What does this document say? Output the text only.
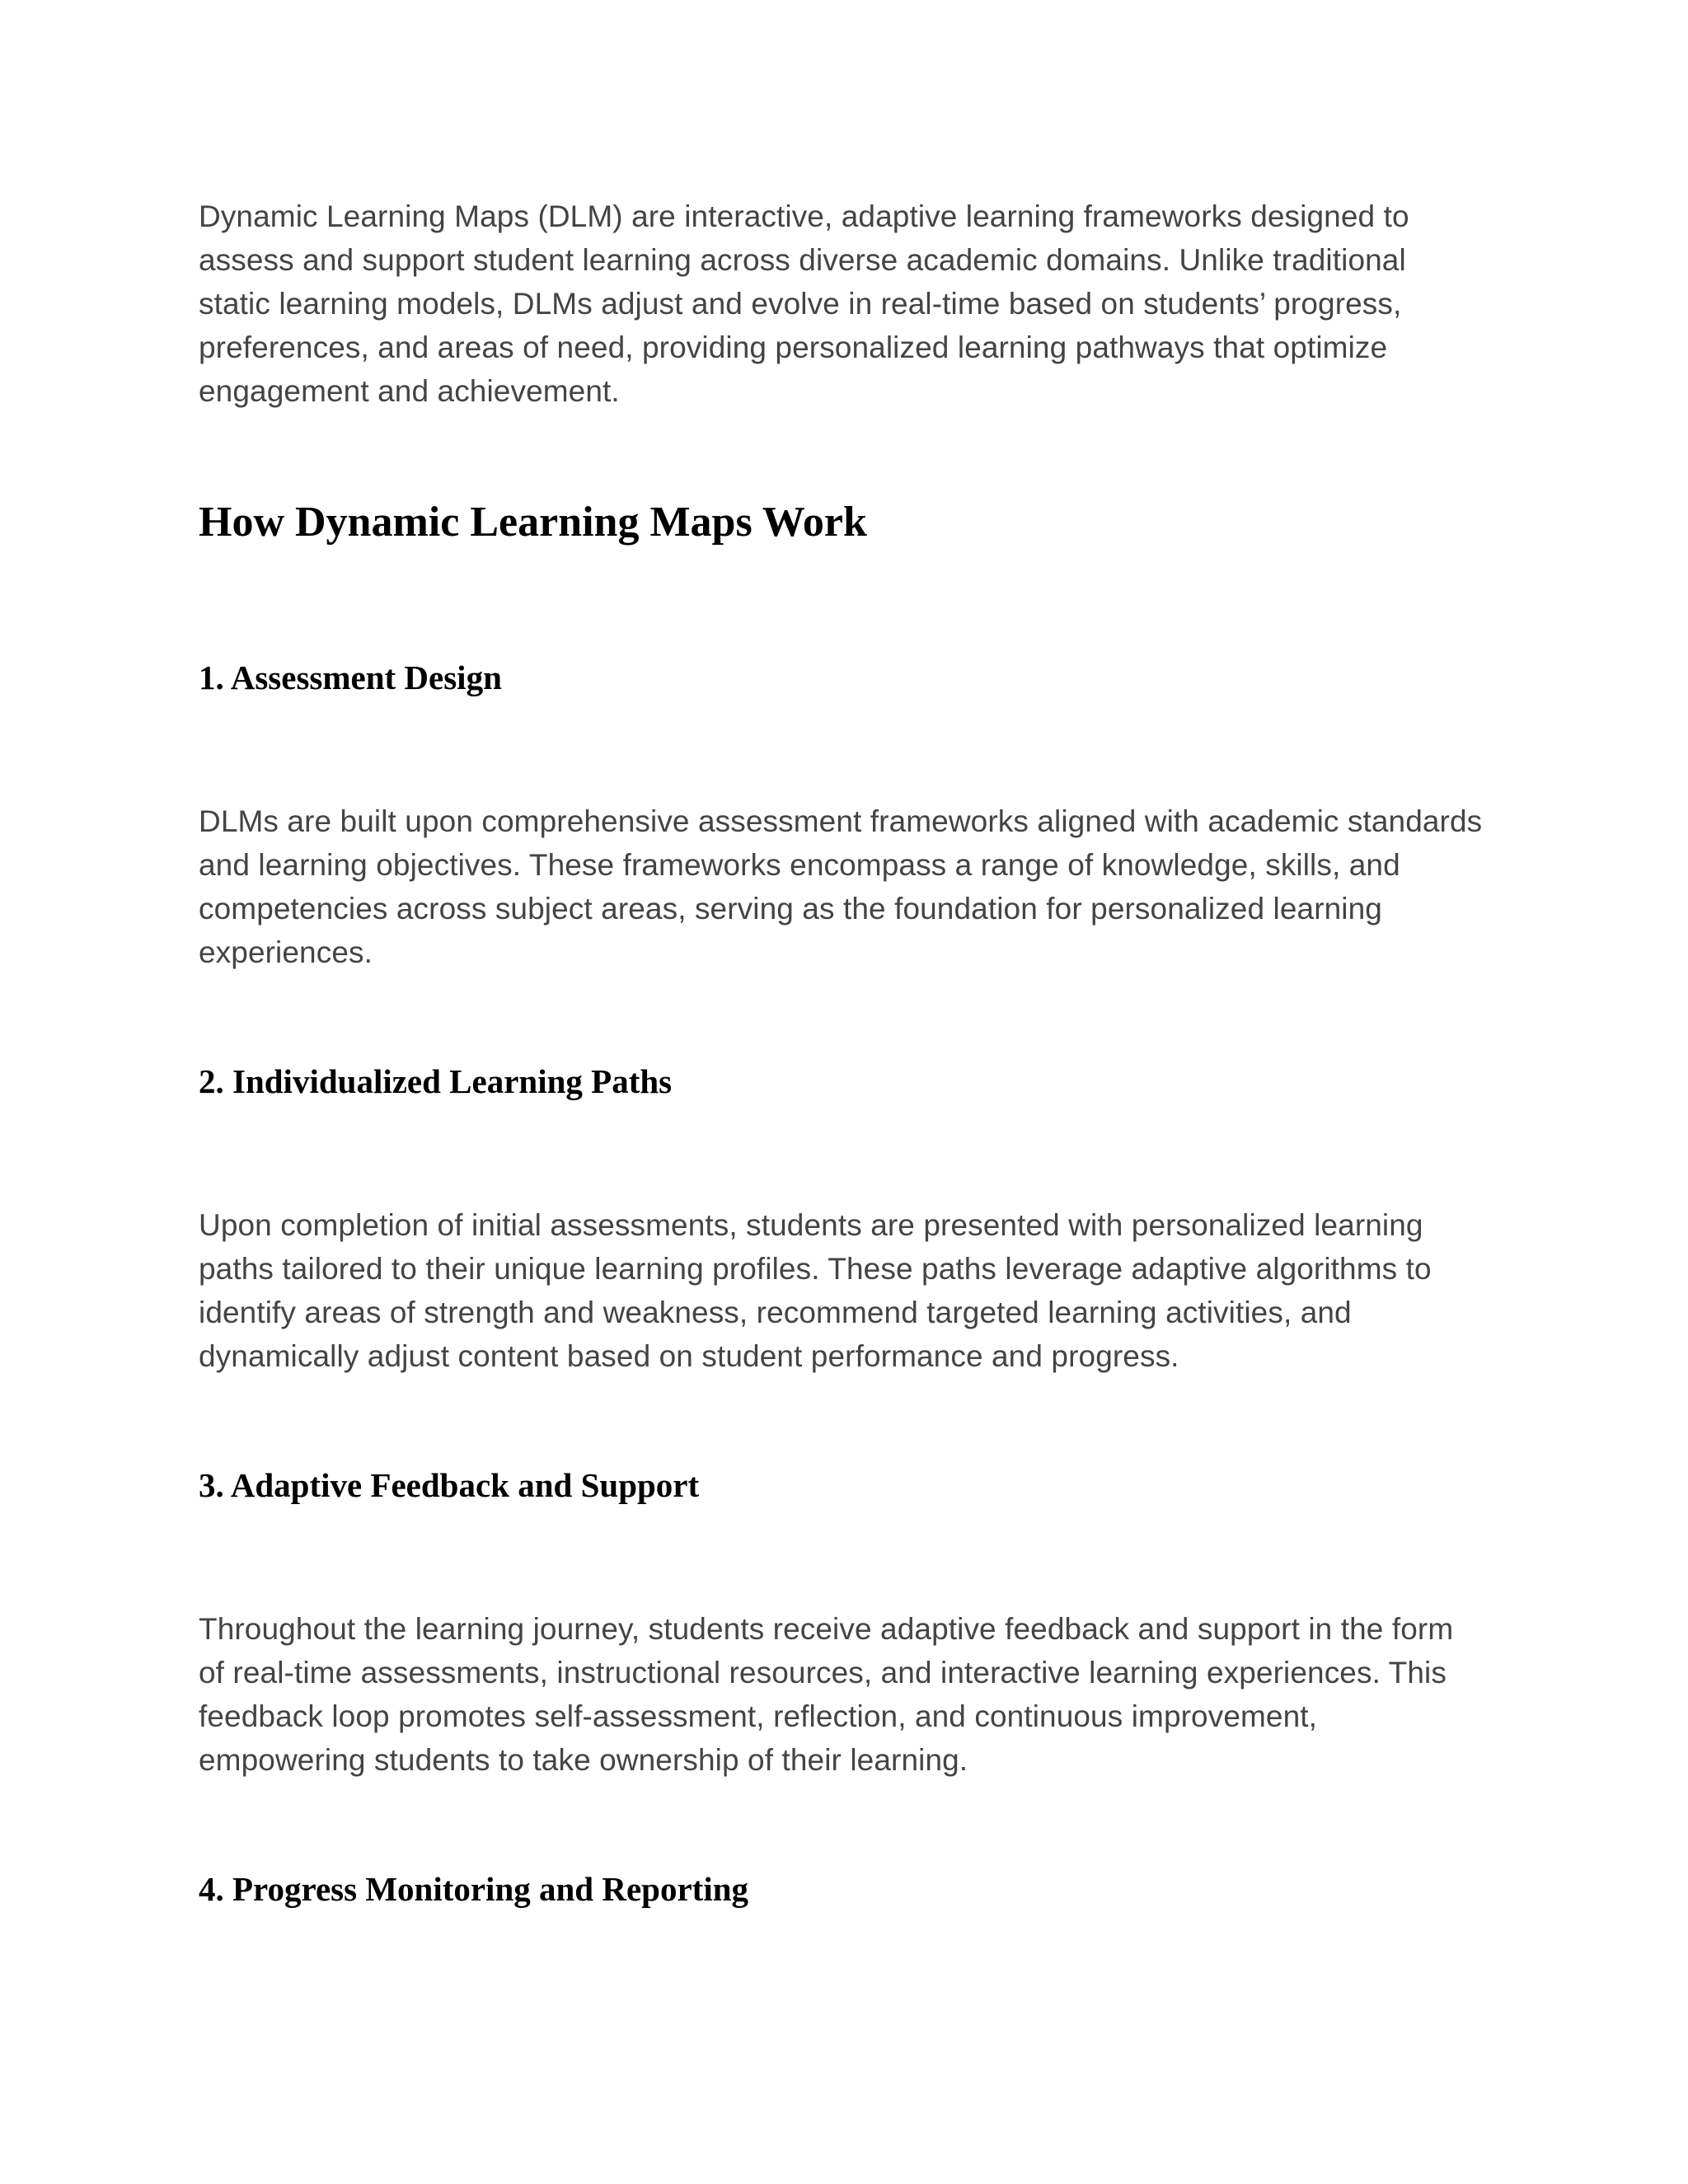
Dynamic Learning Maps (DLM) are interactive, adaptive learning frameworks designed to assess and support student learning across diverse academic domains. Unlike traditional static learning models, DLMs adjust and evolve in real-time based on students’ progress, preferences, and areas of need, providing personalized learning pathways that optimize engagement and achievement.

How Dynamic Learning Maps Work
1. Assessment Design

DLMs are built upon comprehensive assessment frameworks aligned with academic standards and learning objectives. These frameworks encompass a range of knowledge, skills, and competencies across subject areas, serving as the foundation for personalized learning experiences.

2. Individualized Learning Paths

Upon completion of initial assessments, students are presented with personalized learning paths tailored to their unique learning profiles. These paths leverage adaptive algorithms to identify areas of strength and weakness, recommend targeted learning activities, and dynamically adjust content based on student performance and progress.

3. Adaptive Feedback and Support

Throughout the learning journey, students receive adaptive feedback and support in the form of real-time assessments, instructional resources, and interactive learning experiences. This feedback loop promotes self-assessment, reflection, and continuous improvement, empowering students to take ownership of their learning.

4. Progress Monitoring and Reporting
